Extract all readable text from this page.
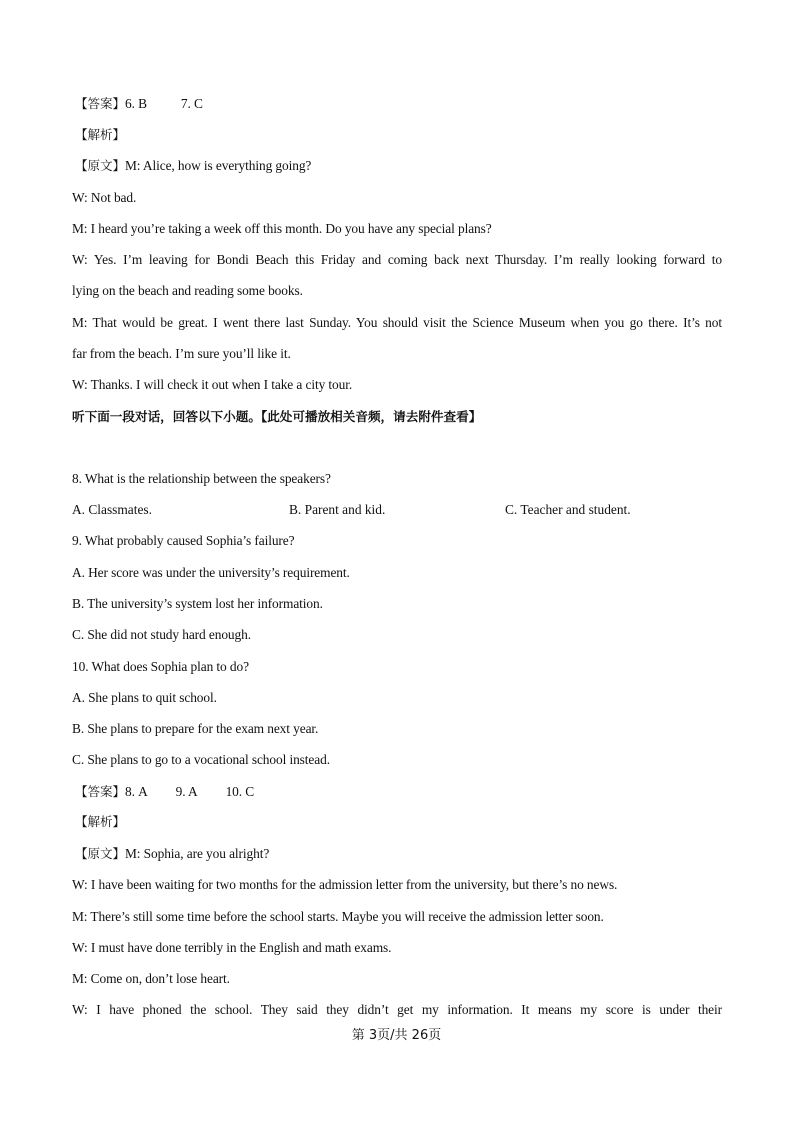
【答案】6. B	7. C
【解析】
【原文】M: Alice, how is everything going?
W: Not bad.
M: I heard you’re taking a week off this month. Do you have any special plans?
W: Yes. I’m leaving for Bondi Beach this Friday and coming back next Thursday. I’m really looking forward to
lying on the beach and reading some books.
M: That would be great. I went there last Sunday. You should visit the Science Museum when you go there. It’s not
far from the beach. I’m sure you’ll like it.
W: Thanks. I will check it out when I take a city tour.
听下面一段对话，回答以下小题。【此处可播放相关音频，请去附件查看】
8. What is the relationship between the speakers?
A. Classmates.	B. Parent and kid.	C. Teacher and student.
9. What probably caused Sophia’s failure?
A. Her score was under the university’s requirement.
B. The university’s system lost her information.
C. She did not study hard enough.
10. What does Sophia plan to do?
A. She plans to quit school.
B. She plans to prepare for the exam next year.
C. She plans to go to a vocational school instead.
【答案】8. A 9. A 10. C
【解析】
【原文】M: Sophia, are you alright?
W: I have been waiting for two months for the admission letter from the university, but there’s no news.
M: There’s still some time before the school starts. Maybe you will receive the admission letter soon.
W: I must have done terribly in the English and math exams.
M: Come on, don’t lose heart.
W: I have phoned the school. They said they didn’t get my information. It means my score is under their
第 3页/共 26页
